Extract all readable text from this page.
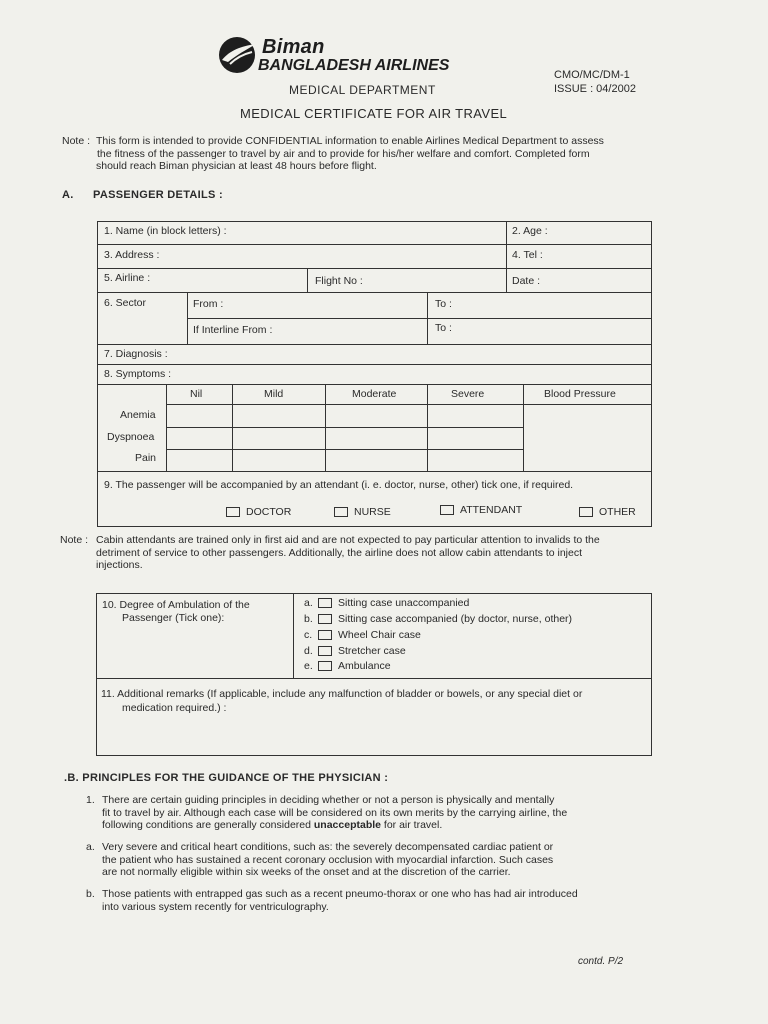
Biman
BANGLADESH AIRLINES
MEDICAL DEPARTMENT
CMO/MC/DM-1
ISSUE : 04/2002
MEDICAL CERTIFICATE FOR AIR TRAVEL
Note : This form is intended to provide CONFIDENTIAL information to enable Airlines Medical Department to assess
the fitness of the passenger to travel by air and to provide for his/her welfare and comfort. Completed form
should reach Biman physician at least 48 hours before flight.
A. PASSENGER DETAILS :
1. Name (in block letters) :	2. Age :
3. Address :	4. Tel :
5. Airline :	Flight No :	Date :
6. Sector	From :	To :
If Interline From :	To :
7. Diagnosis :
8. Symptoms :
Nil	Mild	Moderate	Severe	Blood Pressure
Anemia
Dyspnoea
Pain
9. The passenger will be accompanied by an attendant (i. e. doctor, nurse, other) tick one, if required.
DOCTOR	NURSE	ATTENDANT	OTHER
Note : Cabin attendants are trained only in first aid and are not expected to pay particular attention to invalids to the
detriment of service to other passengers. Additionally, the airline does not allow cabin attendants to inject
injections.
10. Degree of Ambulation of the
Passenger (Tick one):
a. Sitting case unaccompanied
b. Sitting case accompanied (by doctor, nurse, other)
c. Wheel Chair case
d. Stretcher case
e. Ambulance
11. Additional remarks (If applicable, include any malfunction of bladder or bowels, or any special diet or
medication required.) :
.B. PRINCIPLES FOR THE GUIDANCE OF THE PHYSICIAN :
1. There are certain guiding principles in deciding whether or not a person is physically and mentally
fit to travel by air. Although each case will be considered on its own merits by the carrying airline, the
following conditions are generally considered unacceptable for air travel.
a. Very severe and critical heart conditions, such as: the severely decompensated cardiac patient or
the patient who has sustained a recent coronary occlusion with myocardial infarction. Such cases
are not normally eligible within six weeks of the onset and at the discretion of the carrier.
b. Those patients with entrapped gas such as a recent pneumo-thorax or one who has had air introduced
into various system recently for ventriculography.
contd. P/2
